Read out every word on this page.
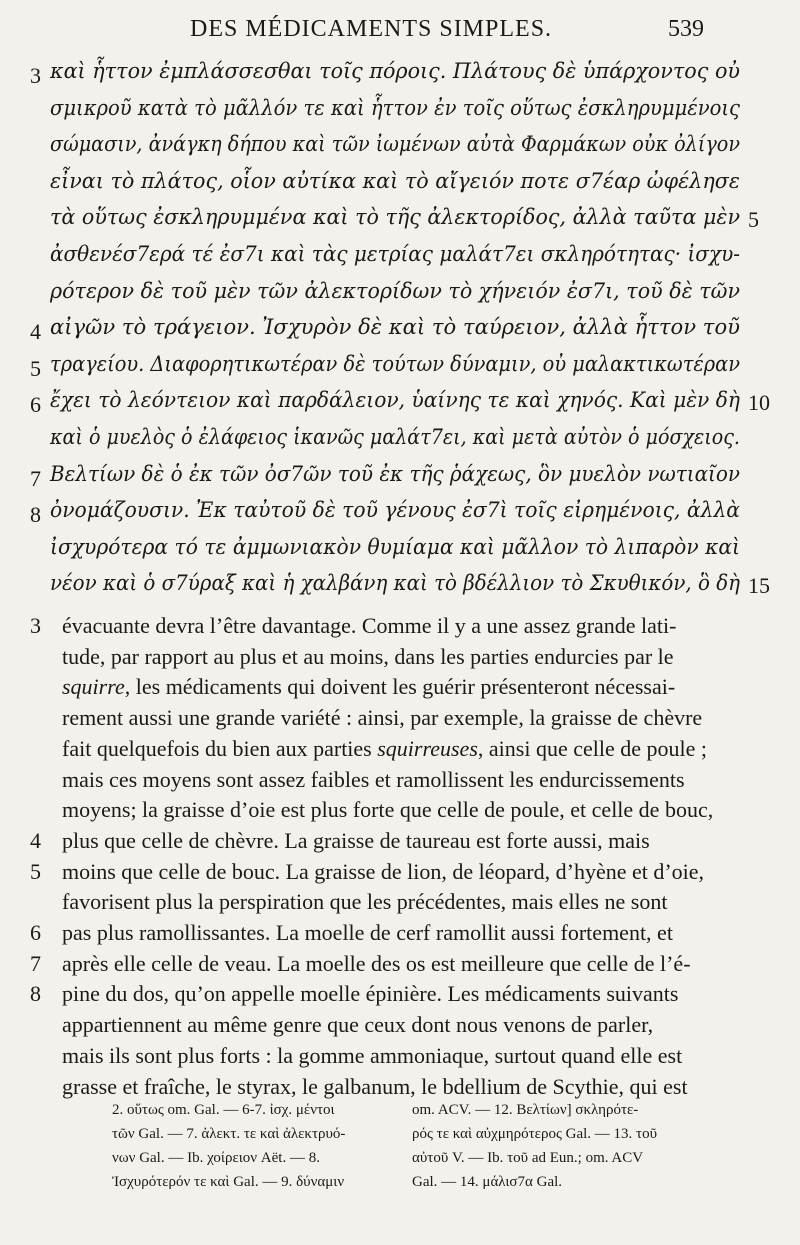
DES MÉDICAMENTS SIMPLES.	539
3 καὶ ἧττον ἐμπλάσσεσθαι τοῖς πόροις. Πλάτους δὲ ὑπάρχοντος οὐ
σμικροῦ κατὰ τὸ μᾶλλόν τε καὶ ἧττον ἐν τοῖς οὕτως ἐσκληρυμμένοις
σώμασιν, ἀνάγκη δήπου καὶ τῶν ἰωμένων αὐτὰ Φαρμάκων οὐκ ὀλίγον
εἶναι τὸ πλάτος, οἷον αὐτίκα καὶ τὸ αἴγειόν ποτε σ7έαρ ὠφέλησε
τὰ οὕτως ἐσκληρυμμένα καὶ τὸ τῆς ἀλεκτορίδος, ἀλλὰ ταῦτα μὲν 5
ἀσθενέσ7ερά τέ ἐσ7ι καὶ τὰς μετρίας μαλάτ7ει σκληρότητας· ἰσχυ-
ρότερον δὲ τοῦ μὲν τῶν ἀλεκτορίδων τὸ χήνειόν ἐσ7ι, τοῦ δὲ τῶν
4 αἰγῶν τὸ τράγειον. Ἰσχυρὸν δὲ καὶ τὸ ταύρειον, ἀλλὰ ἧττον τοῦ
5 τραγείου. Διαφορητικωτέραν δὲ τούτων δύναμιν, οὐ μαλακτικωτέραν
6 ἔχει τὸ λεόντειον καὶ παρδάλειον, ὑαίνης τε καὶ χηνός. Καὶ μὲν δὴ 10
καὶ ὁ μυελὸς ὁ ἐλάφειος ἱκανῶς μαλάτ7ει, καὶ μετὰ αὐτὸν ὁ μόσχειος.
7 Βελτίων δὲ ὁ ἐκ τῶν ὀσ7ῶν τοῦ ἐκ τῆς ῥάχεως, ὃν μυελὸν νωτιαῖον
8 ὀνομάζουσιν. Ἐκ ταὐτοῦ δὲ τοῦ γένους ἐσ7ὶ τοῖς εἰρημένοις, ἀλλὰ
ἰσχυρότερα τό τε ἀμμωνιακὸν θυμίαμα καὶ μᾶλλον τὸ λιπαρὸν καὶ
νέον καὶ ὁ σ7ύραξ καὶ ἡ χαλβάνη καὶ τὸ βδέλλιον τὸ Σκυθικόν, ὃ δὴ 15
3 évacuante devra l’être davantage. Comme il y a une assez grande lati-
tude, par rapport au plus et au moins, dans les parties endurcies par le
squirre, les médicaments qui doivent les guérir présenteront nécessai-
rement aussi une grande variété : ainsi, par exemple, la graisse de chèvre
fait quelquefois du bien aux parties squirreuses, ainsi que celle de poule ;
mais ces moyens sont assez faibles et ramollissent les endurcissements
moyens; la graisse d’oie est plus forte que celle de poule, et celle de bouc,
4 plus que celle de chèvre. La graisse de taureau est forte aussi, mais
5 moins que celle de bouc. La graisse de lion, de léopard, d’hyène et d’oie,
favorisent plus la perspiration que les précédentes, mais elles ne sont
6 pas plus ramollissantes. La moelle de cerf ramollit aussi fortement, et
7 après elle celle de veau. La moelle des os est meilleure que celle de l’é-
8 pine du dos, qu’on appelle moelle épinière. Les médicaments suivants
appartiennent au même genre que ceux dont nous venons de parler,
mais ils sont plus forts : la gomme ammoniaque, surtout quand elle est
grasse et fraîche, le styrax, le galbanum, le bdellium de Scythie, qui est
2. οὕτως om. Gal. — 6-7. ἰσχ. μέντοι
τῶν Gal. — 7. ἀλεκτ. τε καὶ ἀλεκτρυό-
νων Gal. — Ib. χοίρειον Aët. — 8.
Ἰσχυρότερόν τε καὶ Gal. — 9. δύναμιν
om. ACV. — 12. Βελτίων] σκληρότε-
ρός τε καὶ αὐχμηρότερος Gal. — 13. τοῦ
αὐτοῦ V. — Ib. τοῦ ad Eun.; om. ACV
Gal. — 14. μάλισ7α Gal.
